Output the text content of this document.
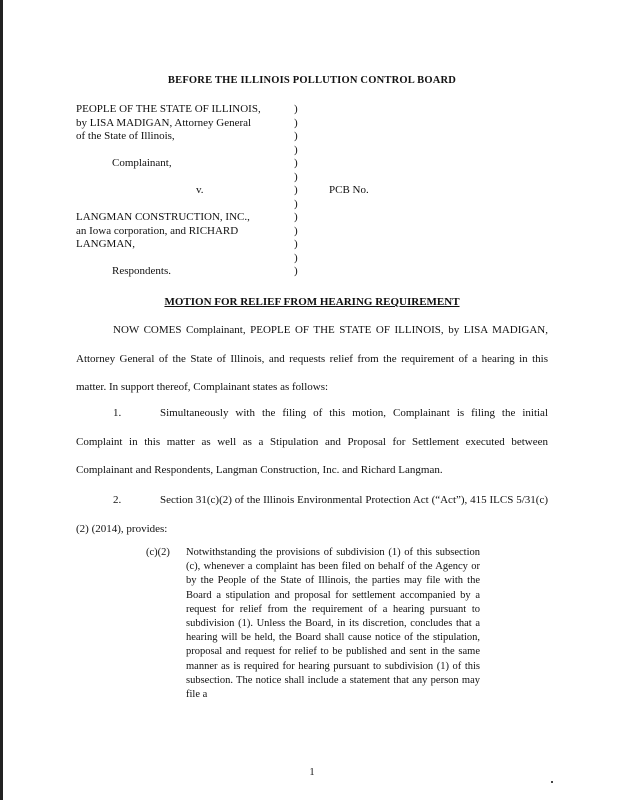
BEFORE THE ILLINOIS POLLUTION CONTROL BOARD
PEOPLE OF THE STATE OF ILLINOIS,	)
by LISA MADIGAN, Attorney General	)
of the State of Illinois,	)
)
Complainant,	)
)
v.	)	PCB No.
)
LANGMAN CONSTRUCTION, INC.,	)
an Iowa corporation, and RICHARD	)
LANGMAN,	)
)
Respondents.	)
MOTION FOR RELIEF FROM HEARING REQUIREMENT
NOW COMES Complainant, PEOPLE OF THE STATE OF ILLINOIS, by LISA MADIGAN, Attorney General of the State of Illinois, and requests relief from the requirement of a hearing in this matter. In support thereof, Complainant states as follows:
1.	Simultaneously with the filing of this motion, Complainant is filing the initial Complaint in this matter as well as a Stipulation and Proposal for Settlement executed between Complainant and Respondents, Langman Construction, Inc. and Richard Langman.
2.	Section 31(c)(2) of the Illinois Environmental Protection Act (“Act”), 415 ILCS 5/31(c)(2) (2014), provides:
(c)(2) Notwithstanding the provisions of subdivision (1) of this subsection (c), whenever a complaint has been filed on behalf of the Agency or by the People of the State of Illinois, the parties may file with the Board a stipulation and proposal for settlement accompanied by a request for relief from the requirement of a hearing pursuant to subdivision (1). Unless the Board, in its discretion, concludes that a hearing will be held, the Board shall cause notice of the stipulation, proposal and request for relief to be published and sent in the same manner as is required for hearing pursuant to subdivision (1) of this subsection. The notice shall include a statement that any person may file a
1
